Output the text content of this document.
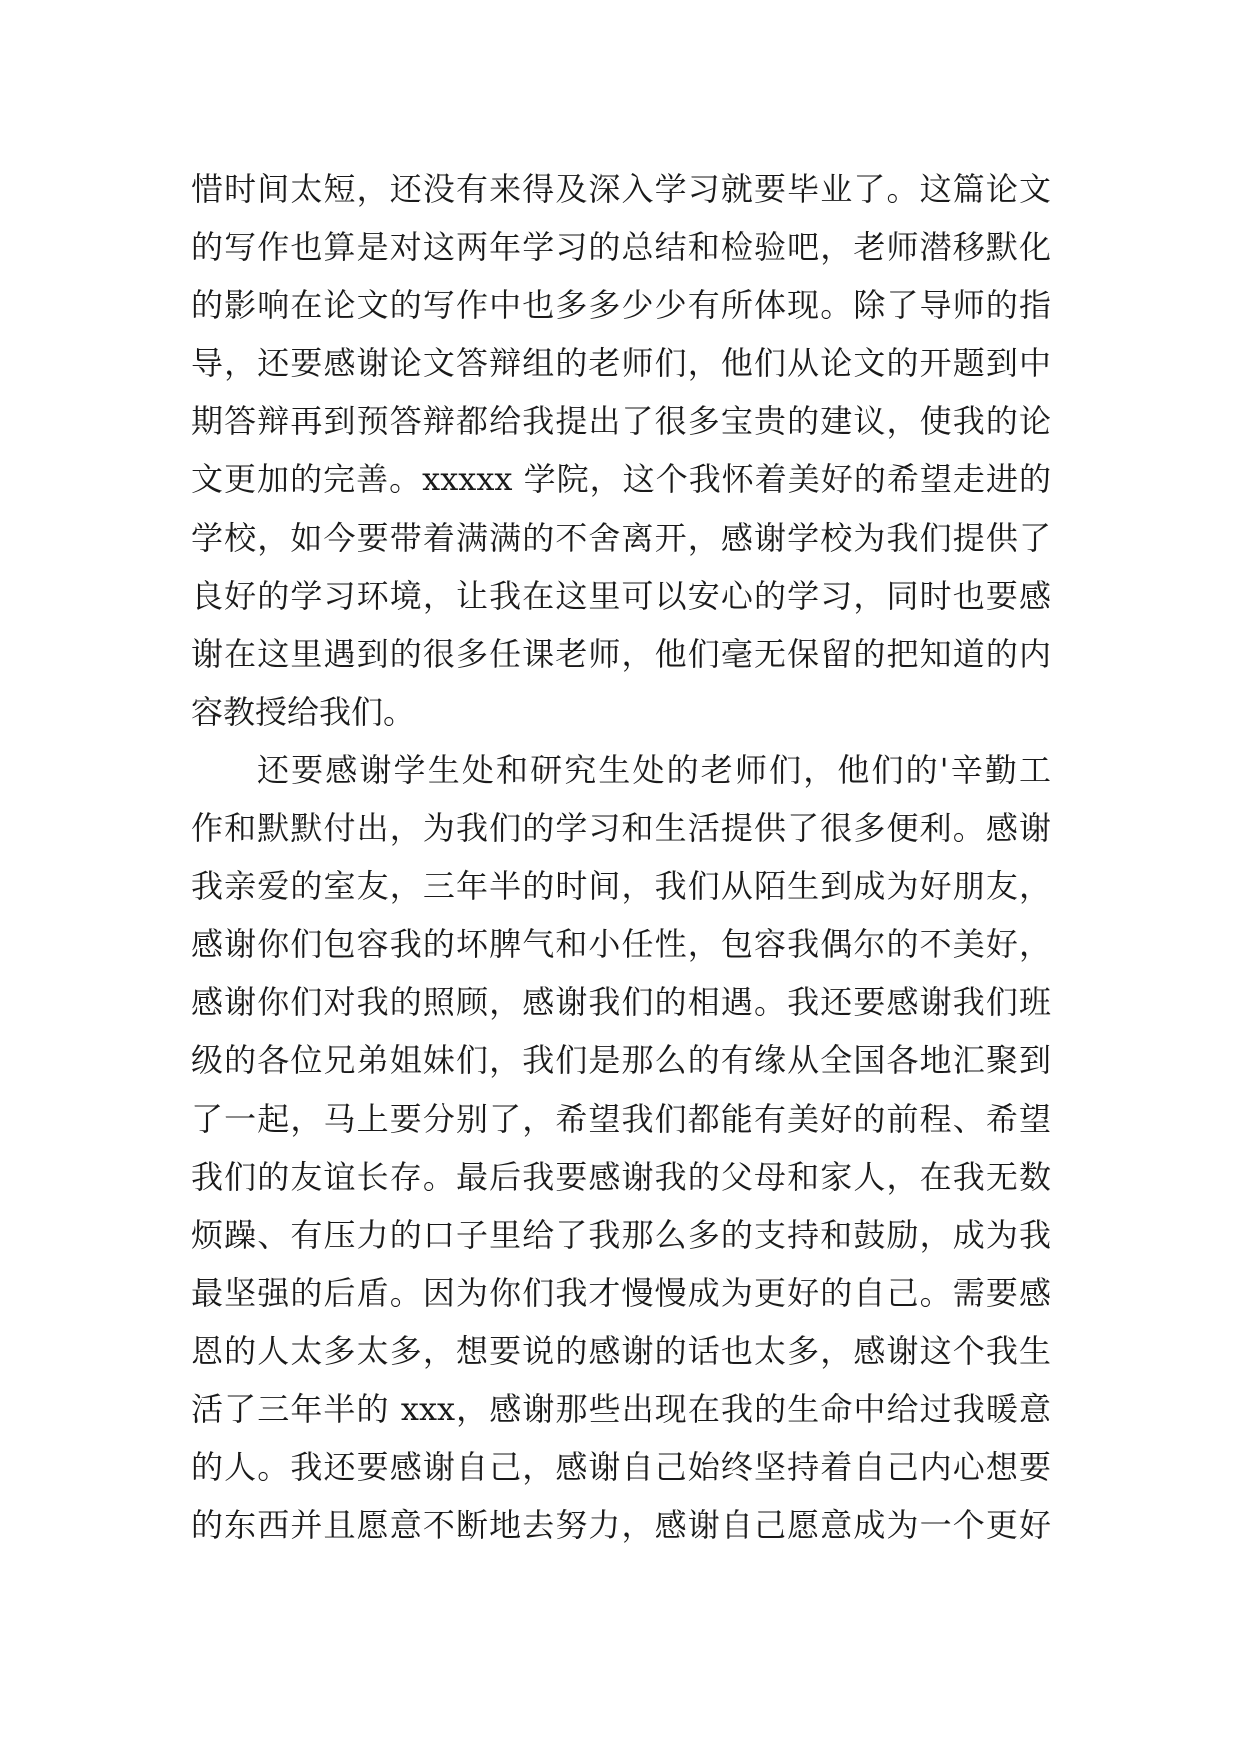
惜时间太短，还没有来得及深入学习就要毕业了。这篇论文
的写作也算是对这两年学习的总结和检验吧，老师潜移默化
的影响在论文的写作中也多多少少有所体现。除了导师的指
导，还要感谢论文答辩组的老师们，他们从论文的开题到中
期答辩再到预答辩都给我提出了很多宝贵的建议，使我的论
文更加的完善。xxxxx 学院，这个我怀着美好的希望走进的
学校，如今要带着满满的不舍离开，感谢学校为我们提供了
良好的学习环境，让我在这里可以安心的学习，同时也要感
谢在这里遇到的很多任课老师，他们毫无保留的把知道的内
容教授给我们。
还要感谢学生处和研究生处的老师们，他们的'辛勤工
作和默默付出，为我们的学习和生活提供了很多便利。感谢
我亲爱的室友，三年半的时间，我们从陌生到成为好朋友，
感谢你们包容我的坏脾气和小任性，包容我偶尔的不美好，
感谢你们对我的照顾，感谢我们的相遇。我还要感谢我们班
级的各位兄弟姐妹们，我们是那么的有缘从全国各地汇聚到
了一起，马上要分别了，希望我们都能有美好的前程、希望
我们的友谊长存。最后我要感谢我的父母和家人，在我无数
烦躁、有压力的口子里给了我那么多的支持和鼓励，成为我
最坚强的后盾。因为你们我才慢慢成为更好的自己。需要感
恩的人太多太多，想要说的感谢的话也太多，感谢这个我生
活了三年半的 xxx，感谢那些出现在我的生命中给过我暖意
的人。我还要感谢自己，感谢自己始终坚持着自己内心想要
的东西并且愿意不断地去努力，感谢自己愿意成为一个更好
